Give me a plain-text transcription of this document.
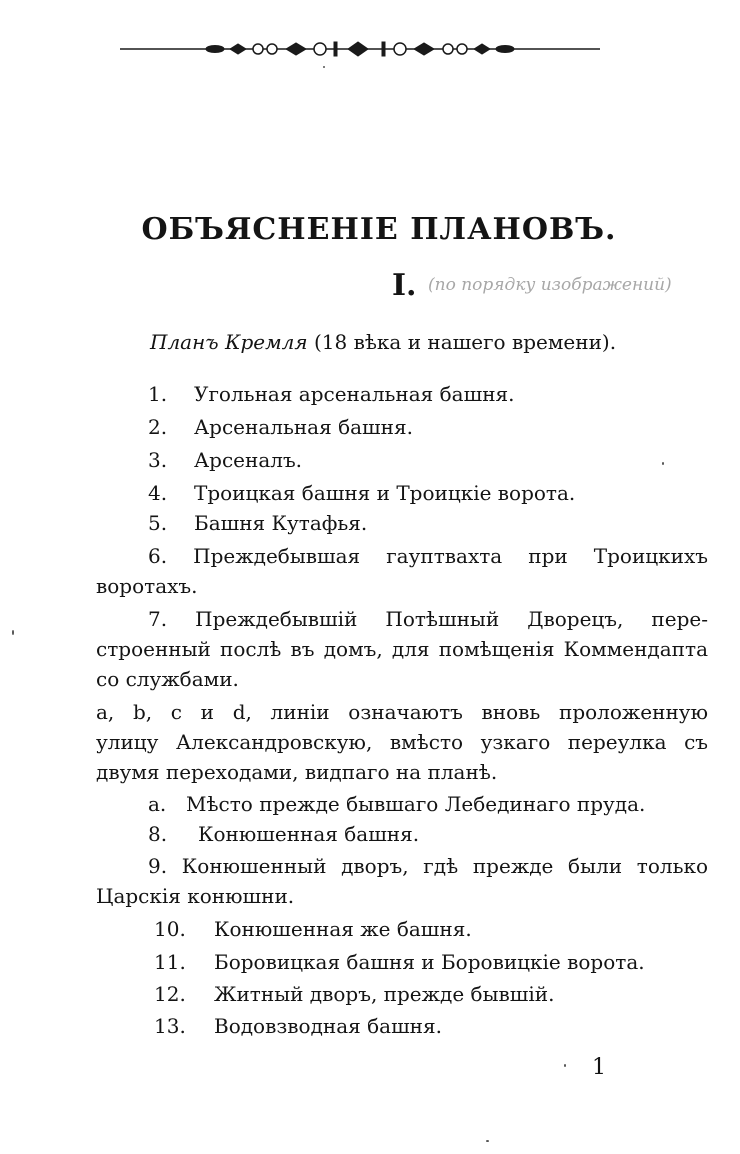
ОБЪЯСНЕНІЕ ПЛАНОВЪ.
I. (по порядку изображений)
Планъ Кремля (18 вѣка и нашего времени).
1. Угольная арсенальная башня.
2. Арсенальная башня.
3. Арсеналъ.
4. Троицкая башня и Троицкіе ворота.
5. Башня Кутафья.
6. Преждебывшая гауптвахта при Троицкихъ
воротахъ.
7. Преждебывшій Потѣшный Дворецъ, пере-
строенный послѣ въ домъ, для помѣщенія Коммендапта
со службами.
a, b, c и d, линіи означаютъ вновь проложенную
улицу Александровскую, вмѣсто узкаго переулка съ
двумя переходами, видпаго на планѣ.
a. Мѣсто прежде бывшаго Лебединаго пруда.
8. Конюшенная башня.
9. Конюшенный дворъ, гдѣ прежде были только
Царскія конюшни.
10. Конюшенная же башня.
11. Боровицкая башня и Боровицкіе ворота.
12. Житный дворъ, прежде бывшій.
13. Водовзводная башня.
1
